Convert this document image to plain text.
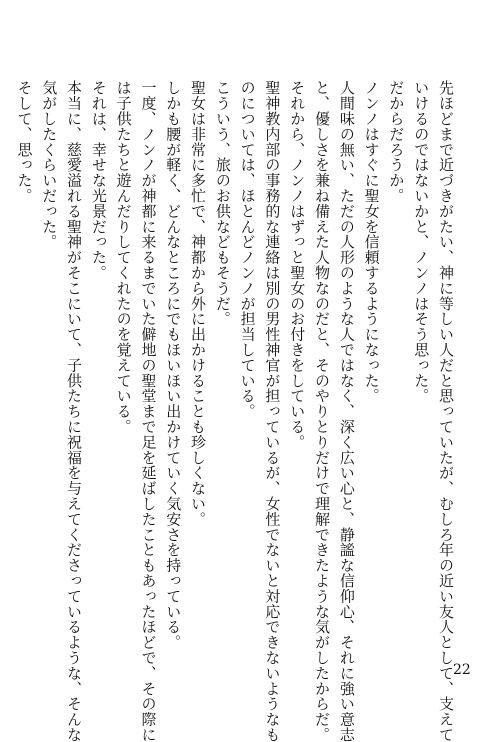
先ほどまで近づきがたい、神に等しい人だと思っていたが、むしろ年の近い友人として、支えて
いけるのではないかと、ノンノはそう思った。
だからだろうか。
ノンノはすぐに聖女を信頼するようになった。
人間味の無い、ただの人形のような人ではなく、深く広い心と、静謐な信仰心、それに強い意志
と、優しさを兼ね備えた人物なのだと、そのやりとりだけで理解できたような気がしたからだ。
それから、ノンノはずっと聖女のお付きをしている。
聖神教内部の事務的な連絡は別の男性神官が担っているが、女性でないと対応できないようなも
のについては、ほとんどノンノが担当している。
こういう、旅のお供などもそうだ。
聖女は非常に多忙で、神都から外に出かけることも珍しくない。
しかも腰が軽く、どんなところにでもほいほい出かけていく気安さを持っている。
一度、ノンノが神都に来るまでいた僻地の聖堂まで足を延ばしたこともあったほどで、その際に
は子供たちと遊んだりしてくれたのを覚えている。
それは、幸せな光景だった。
本当に、慈愛溢れる聖神がそこにいて、子供たちに祝福を与えてくださっているような、そんな
気がしたくらいだった。
そして、思った。
22
